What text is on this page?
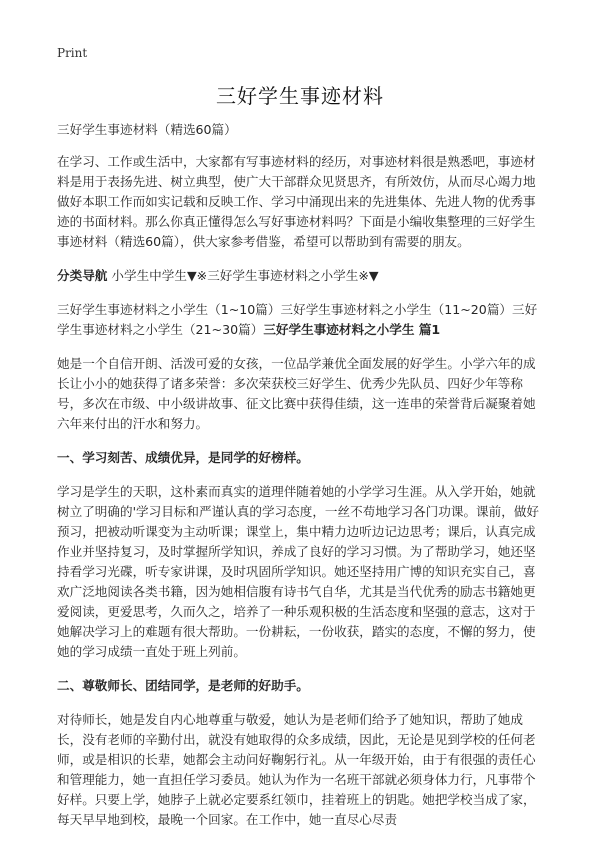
Print
三好学生事迹材料

三好学生事迹材料（精选60篇）

在学习、工作或生活中，大家都有写事迹材料的经历，对事迹材料很是熟悉吧，事迹材料是用于表扬先进、树立典型，使广大干部群众见贤思齐，有所效仿，从而尽心竭力地做好本职工作而如实记载和反映工作、学习中涌现出来的先进集体、先进人物的优秀事迹的书面材料。那么你真正懂得怎么写好事迹材料吗？下面是小编收集整理的三好学生事迹材料（精选60篇），供大家参考借鉴，希望可以帮助到有需要的朋友。

分类导航 小学生中学生▼※三好学生事迹材料之小学生※▼

三好学生事迹材料之小学生（1~10篇）三好学生事迹材料之小学生（11~20篇）三好学生事迹材料之小学生（21~30篇）三好学生事迹材料之小学生 篇1

她是一个自信开朗、活泼可爱的女孩，一位品学兼优全面发展的好学生。小学六年的成长让小小的她获得了诸多荣誉：多次荣获校三好学生、优秀少先队员、四好少年等称号，多次在市级、中小级讲故事、征文比赛中获得佳绩，这一连串的荣誉背后凝聚着她六年来付出的汗水和努力。

一、学习刻苦、成绩优异，是同学的好榜样。

学习是学生的天职，这朴素而真实的道理伴随着她的小学学习生涯。从入学开始，她就树立了明确的'学习目标和严谨认真的学习态度，一丝不苟地学习各门功课。课前，做好预习，把被动听课变为主动听课；课堂上，集中精力边听边记边思考；课后，认真完成作业并坚持复习，及时掌握所学知识，养成了良好的学习习惯。为了帮助学习，她还坚持看学习光碟，听专家讲课，及时巩固所学知识。她还坚持用广博的知识充实自己，喜欢广泛地阅读各类书籍，因为她相信腹有诗书气自华，尤其是当代优秀的励志书籍她更爱阅读，更爱思考，久而久之，培养了一种乐观积极的生活态度和坚强的意志，这对于她解决学习上的难题有很大帮助。一份耕耘，一份收获，踏实的态度，不懈的努力，使她的学习成绩一直处于班上列前。

二、尊敬师长、团结同学，是老师的好助手。

对待师长，她是发自内心地尊重与敬爱，她认为是老师们给予了她知识，帮助了她成长，没有老师的辛勤付出，就没有她取得的众多成绩，因此，无论是见到学校的任何老师，或是相识的长辈，她都会主动问好鞠躬行礼。从一年级开始，由于有很强的责任心和管理能力，她一直担任学习委员。她认为作为一名班干部就必须身体力行，凡事带个好样。只要上学，她脖子上就必定要系红领巾，挂着班上的钥匙。她把学校当成了家，每天早早地到校，最晚一个回家。在工作中，她一直尽心尽责
